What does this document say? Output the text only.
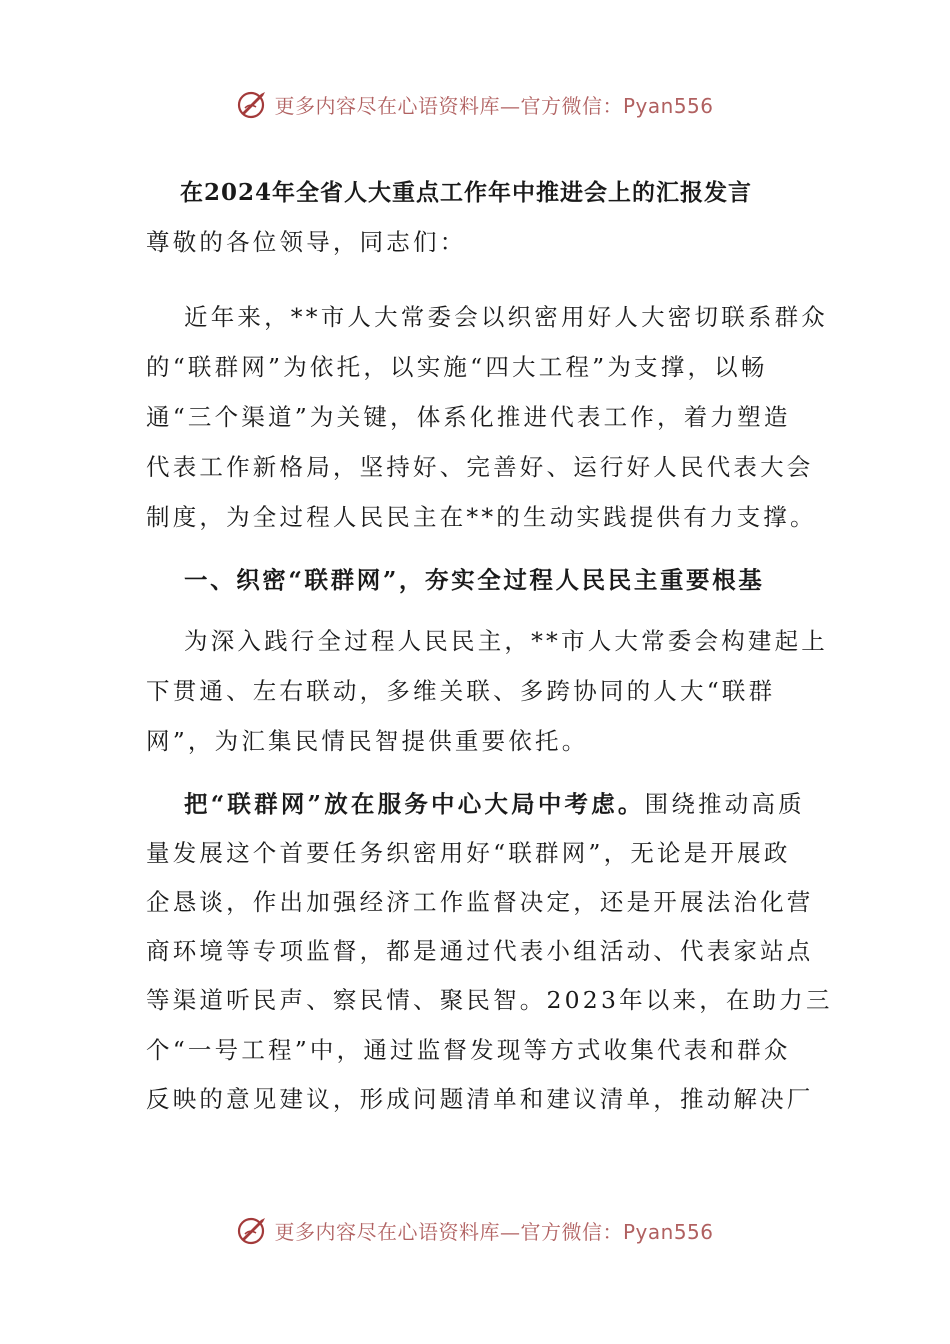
更多内容尽在心语资料库—官方微信：Pyan556
在2024年全省人大重点工作年中推进会上的汇报发言
尊敬的各位领导，同志们：
近年来，**市人大常委会以织密用好人大密切联系群众
的“联群网”为依托，以实施“四大工程”为支撑，以畅
通“三个渠道”为关键，体系化推进代表工作，着力塑造
代表工作新格局，坚持好、完善好、运行好人民代表大会
制度，为全过程人民民主在**的生动实践提供有力支撑。
一、织密“联群网”，夯实全过程人民民主重要根基
为深入践行全过程人民民主，**市人大常委会构建起上
下贯通、左右联动，多维关联、多跨协同的人大“联群
网”，为汇集民情民智提供重要依托。
把“联群网”放在服务中心大局中考虑。围绕推动高质
量发展这个首要任务织密用好“联群网”，无论是开展政
企恳谈，作出加强经济工作监督决定，还是开展法治化营
商环境等专项监督，都是通过代表小组活动、代表家站点
等渠道听民声、察民情、聚民智。2023年以来，在助力三
个“一号工程”中，通过监督发现等方式收集代表和群众
反映的意见建议，形成问题清单和建议清单，推动解决厂
更多内容尽在心语资料库—官方微信：Pyan556
